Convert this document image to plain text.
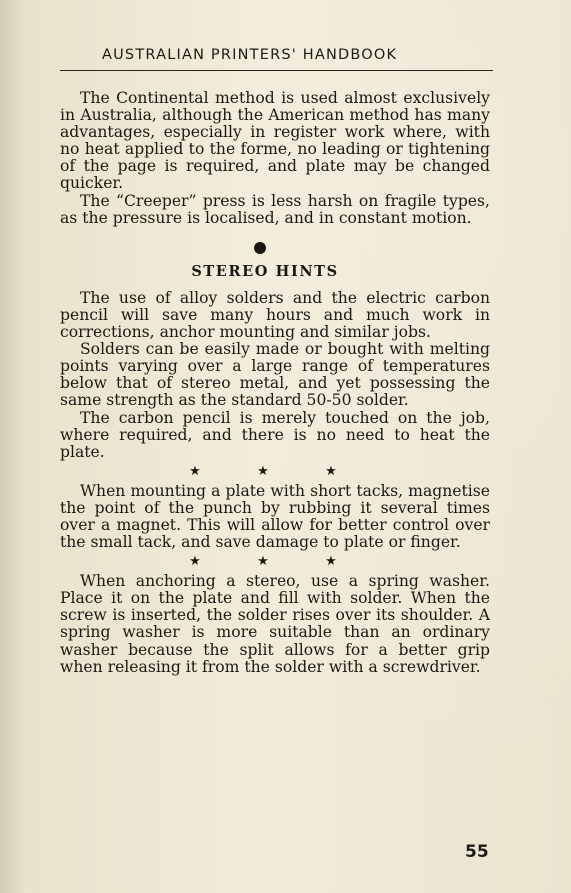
AUSTRALIAN PRINTERS' HANDBOOK

The Continental method is used almost exclusively in Australia, although the American method has many advantages, especially in register work where, with no heat applied to the forme, no leading or tightening of the page is required, and plate may be changed quicker.

The “Creeper” press is less harsh on fragile types, as the pressure is localised, and in constant motion.

STEREO HINTS

The use of alloy solders and the electric carbon pencil will save many hours and much work in corrections, anchor mounting and similar jobs.

Solders can be easily made or bought with melting points varying over a large range of temperatures below that of stereo metal, and yet possessing the same strength as the standard 50-50 solder.

The carbon pencil is merely touched on the job, where required, and there is no need to heat the plate.

★	★	★

When mounting a plate with short tacks, magnetise the point of the punch by rubbing it several times over a magnet. This will allow for better control over the small tack, and save damage to plate or finger.

★	★	★

When anchoring a stereo, use a spring washer. Place it on the plate and fill with solder. When the screw is inserted, the solder rises over its shoulder. A spring washer is more suitable than an ordinary washer because the split allows for a better grip when releasing it from the solder with a screwdriver.

55
